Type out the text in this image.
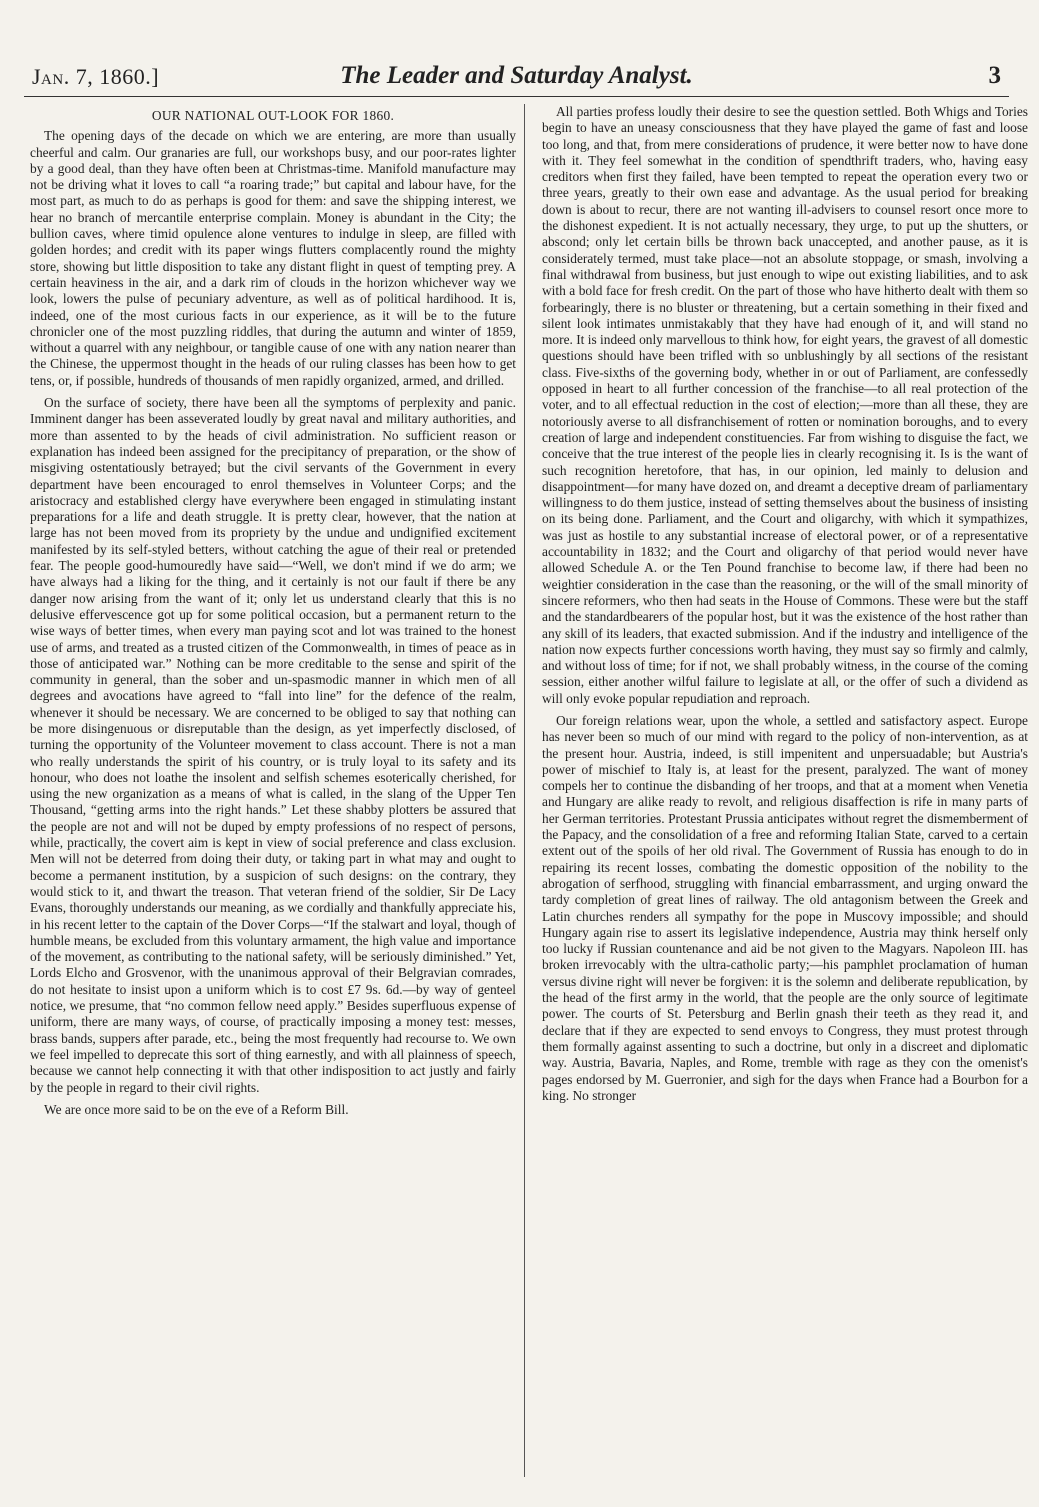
Jan. 7, 1860.]	The Leader and Saturday Analyst.	3
OUR NATIONAL OUT-LOOK FOR 1860.

The opening days of the decade on which we are entering, are more than usually cheerful and calm. Our granaries are full, our workshops busy, and our poor-rates lighter by a good deal, than they have often been at Christmas-time. Manifold manufacture may not be driving what it loves to call “a roaring trade;” but capital and labour have, for the most part, as much to do as perhaps is good for them: and save the shipping interest, we hear no branch of mercantile enterprise complain. Money is abundant in the City; the bullion caves, where timid opulence alone ventures to indulge in sleep, are filled with golden hordes; and credit with its paper wings flutters complacently round the mighty store, showing but little disposition to take any distant flight in quest of tempting prey. A certain heaviness in the air, and a dark rim of clouds in the horizon whichever way we look, lowers the pulse of pecuniary adventure, as well as of political hardihood. It is, indeed, one of the most curious facts in our experience, as it will be to the future chronicler one of the most puzzling riddles, that during the autumn and winter of 1859, without a quarrel with any neighbour, or tangible cause of one with any nation nearer than the Chinese, the uppermost thought in the heads of our ruling classes has been how to get tens, or, if possible, hundreds of thousands of men rapidly organized, armed, and drilled.

On the surface of society, there have been all the symptoms of perplexity and panic. Imminent danger has been asseverated loudly by great naval and military authorities, and more than assented to by the heads of civil administration. No sufficient reason or explanation has indeed been assigned for the precipitancy of preparation, or the show of misgiving ostentatiously betrayed; but the civil servants of the Government in every department have been encouraged to enrol themselves in Volunteer Corps; and the aristocracy and established clergy have everywhere been engaged in stimulating instant preparations for a life and death struggle. It is pretty clear, however, that the nation at large has not been moved from its propriety by the undue and undignified excitement manifested by its self-styled betters, without catching the ague of their real or pretended fear. The people good-humouredly have said—“Well, we don't mind if we do arm; we have always had a liking for the thing, and it certainly is not our fault if there be any danger now arising from the want of it; only let us understand clearly that this is no delusive effervescence got up for some political occasion, but a permanent return to the wise ways of better times, when every man paying scot and lot was trained to the honest use of arms, and treated as a trusted citizen of the Commonwealth, in times of peace as in those of anticipated war.” Nothing can be more creditable to the sense and spirit of the community in general, than the sober and un-spasmodic manner in which men of all degrees and avocations have agreed to “fall into line” for the defence of the realm, whenever it should be necessary. We are concerned to be obliged to say that nothing can be more disingenuous or disreputable than the design, as yet imperfectly disclosed, of turning the opportunity of the Volunteer movement to class account. There is not a man who really understands the spirit of his country, or is truly loyal to its safety and its honour, who does not loathe the insolent and selfish schemes esoterically cherished, for using the new organization as a means of what is called, in the slang of the Upper Ten Thousand, “getting arms into the right hands.” Let these shabby plotters be assured that the people are not and will not be duped by empty professions of no respect of persons, while, practically, the covert aim is kept in view of social preference and class exclusion. Men will not be deterred from doing their duty, or taking part in what may and ought to become a permanent institution, by a suspicion of such designs: on the contrary, they would stick to it, and thwart the treason. That veteran friend of the soldier, Sir De Lacy Evans, thoroughly understands our meaning, as we cordially and thankfully appreciate his, in his recent letter to the captain of the Dover Corps—“If the stalwart and loyal, though of humble means, be excluded from this voluntary armament, the high value and importance of the movement, as contributing to the national safety, will be seriously diminished.” Yet, Lords Elcho and Grosvenor, with the unanimous approval of their Belgravian comrades, do not hesitate to insist upon a uniform which is to cost £7 9s. 6d.—by way of genteel notice, we presume, that “no common fellow need apply.” Besides superfluous expense of uniform, there are many ways, of course, of practically imposing a money test: messes, brass bands, suppers after parade, etc., being the most frequently had recourse to. We own we feel impelled to deprecate this sort of thing earnestly, and with all plainness of speech, because we cannot help connecting it with that other indisposition to act justly and fairly by the people in regard to their civil rights.

We are once more said to be on the eve of a Reform Bill.

All parties profess loudly their desire to see the question settled. Both Whigs and Tories begin to have an uneasy consciousness that they have played the game of fast and loose too long, and that, from mere considerations of prudence, it were better now to have done with it. They feel somewhat in the condition of spendthrift traders, who, having easy creditors when first they failed, have been tempted to repeat the operation every two or three years, greatly to their own ease and advantage. As the usual period for breaking down is about to recur, there are not wanting ill-advisers to counsel resort once more to the dishonest expedient. It is not actually necessary, they urge, to put up the shutters, or abscond; only let certain bills be thrown back unaccepted, and another pause, as it is considerately termed, must take place—not an absolute stoppage, or smash, involving a final withdrawal from business, but just enough to wipe out existing liabilities, and to ask with a bold face for fresh credit. On the part of those who have hitherto dealt with them so forbearingly, there is no bluster or threatening, but a certain something in their fixed and silent look intimates unmistakably that they have had enough of it, and will stand no more. It is indeed only marvellous to think how, for eight years, the gravest of all domestic questions should have been trifled with so unblushingly by all sections of the resistant class. Five-sixths of the governing body, whether in or out of Parliament, are confessedly opposed in heart to all further concession of the franchise—to all real protection of the voter, and to all effectual reduction in the cost of election;—more than all these, they are notoriously averse to all disfranchisement of rotten or nomination boroughs, and to every creation of large and independent constituencies. Far from wishing to disguise the fact, we conceive that the true interest of the people lies in clearly recognising it. Is is the want of such recognition heretofore, that has, in our opinion, led mainly to delusion and disappointment—for many have dozed on, and dreamt a deceptive dream of parliamentary willingness to do them justice, instead of setting themselves about the business of insisting on its being done. Parliament, and the Court and oligarchy, with which it sympathizes, was just as hostile to any substantial increase of electoral power, or of a representative accountability in 1832; and the Court and oligarchy of that period would never have allowed Schedule A. or the Ten Pound franchise to become law, if there had been no weightier consideration in the case than the reasoning, or the will of the small minority of sincere reformers, who then had seats in the House of Commons. These were but the staff and the standardbearers of the popular host, but it was the existence of the host rather than any skill of its leaders, that exacted submission. And if the industry and intelligence of the nation now expects further concessions worth having, they must say so firmly and calmly, and without loss of time; for if not, we shall probably witness, in the course of the coming session, either another wilful failure to legislate at all, or the offer of such a dividend as will only evoke popular repudiation and reproach.

Our foreign relations wear, upon the whole, a settled and satisfactory aspect. Europe has never been so much of our mind with regard to the policy of non-intervention, as at the present hour. Austria, indeed, is still impenitent and unpersuadable; but Austria's power of mischief to Italy is, at least for the present, paralyzed. The want of money compels her to continue the disbanding of her troops, and that at a moment when Venetia and Hungary are alike ready to revolt, and religious disaffection is rife in many parts of her German territories. Protestant Prussia anticipates without regret the dismemberment of the Papacy, and the consolidation of a free and reforming Italian State, carved to a certain extent out of the spoils of her old rival. The Government of Russia has enough to do in repairing its recent losses, combating the domestic opposition of the nobility to the abrogation of serfhood, struggling with financial embarrassment, and urging onward the tardy completion of great lines of railway. The old antagonism between the Greek and Latin churches renders all sympathy for the pope in Muscovy impossible; and should Hungary again rise to assert its legislative independence, Austria may think herself only too lucky if Russian countenance and aid be not given to the Magyars. Napoleon III. has broken irrevocably with the ultra-catholic party;—his pamphlet proclamation of human versus divine right will never be forgiven: it is the solemn and deliberate republication, by the head of the first army in the world, that the people are the only source of legitimate power. The courts of St. Petersburg and Berlin gnash their teeth as they read it, and declare that if they are expected to send envoys to Congress, they must protest through them formally against assenting to such a doctrine, but only in a discreet and diplomatic way. Austria, Bavaria, Naples, and Rome, tremble with rage as they con the omenist's pages endorsed by M. Guerronier, and sigh for the days when France had a Bourbon for a king. No stronger
